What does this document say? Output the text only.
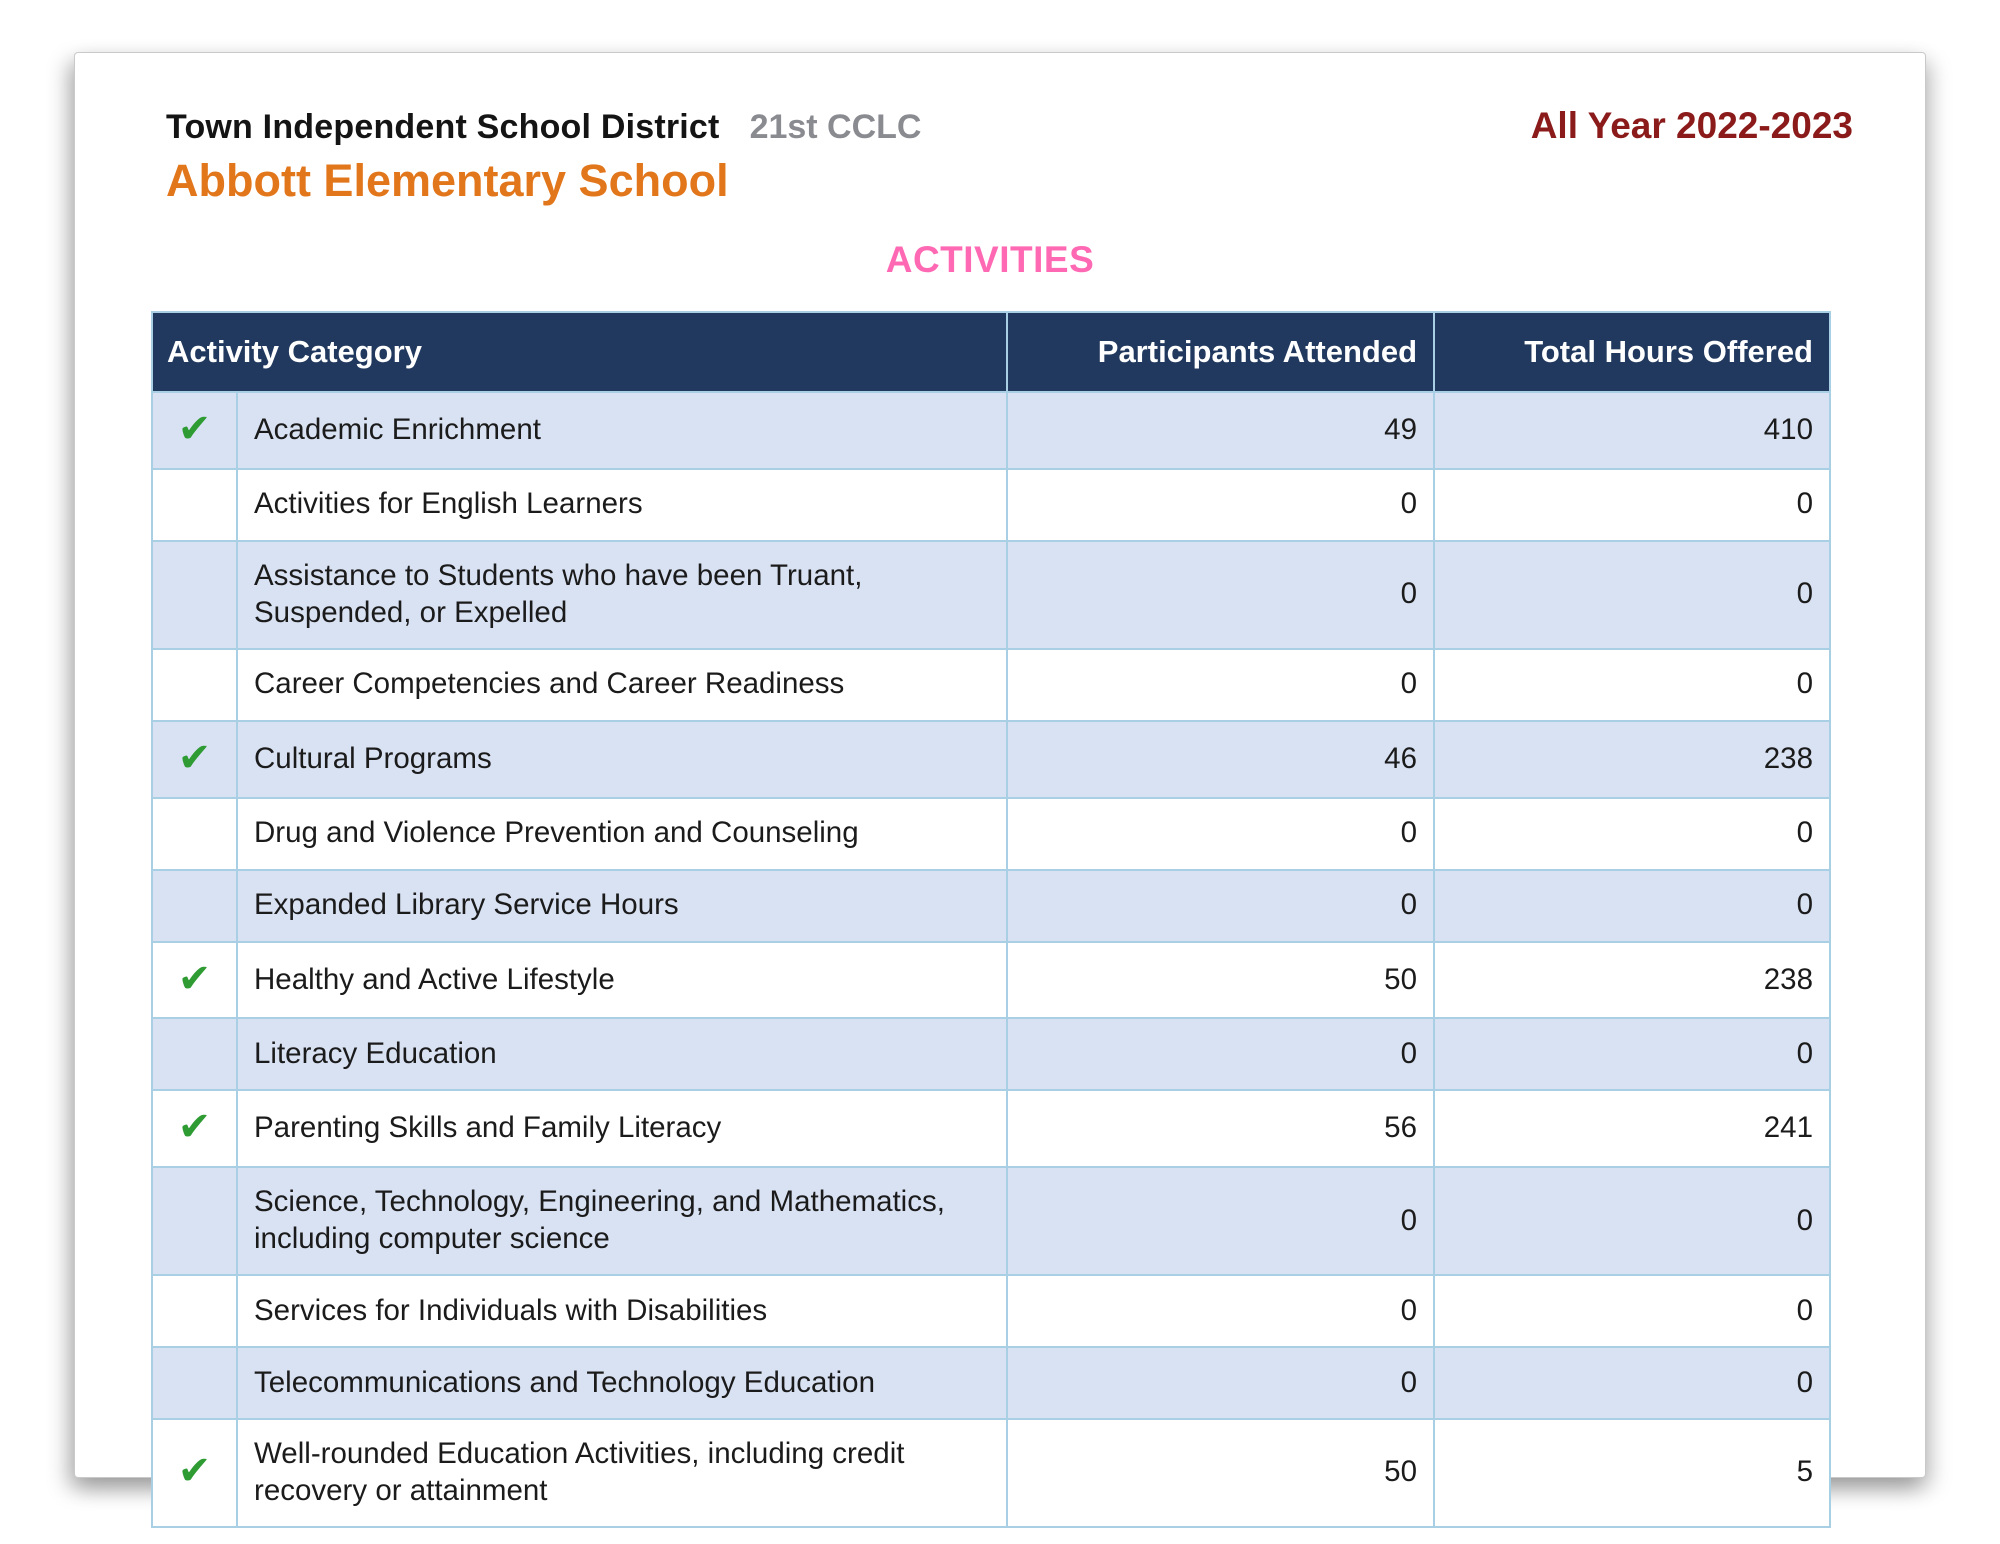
Town Independent School District 21st CCLC	All Year 2022-2023
Abbott Elementary School
ACTIVITIES
Activity Category		Participants Attended	Total Hours Offered
✔	Academic Enrichment	49	410
	Activities for English Learners	0	0
	Assistance to Students who have been Truant, Suspended, or Expelled	0	0
	Career Competencies and Career Readiness	0	0
✔	Cultural Programs	46	238
	Drug and Violence Prevention and Counseling	0	0
	Expanded Library Service Hours	0	0
✔	Healthy and Active Lifestyle	50	238
	Literacy Education	0	0
✔	Parenting Skills and Family Literacy	56	241
	Science, Technology, Engineering, and Mathematics, including computer science	0	0
	Services for Individuals with Disabilities	0	0
	Telecommunications and Technology Education	0	0
✔	Well-rounded Education Activities, including credit recovery or attainment	50	5
